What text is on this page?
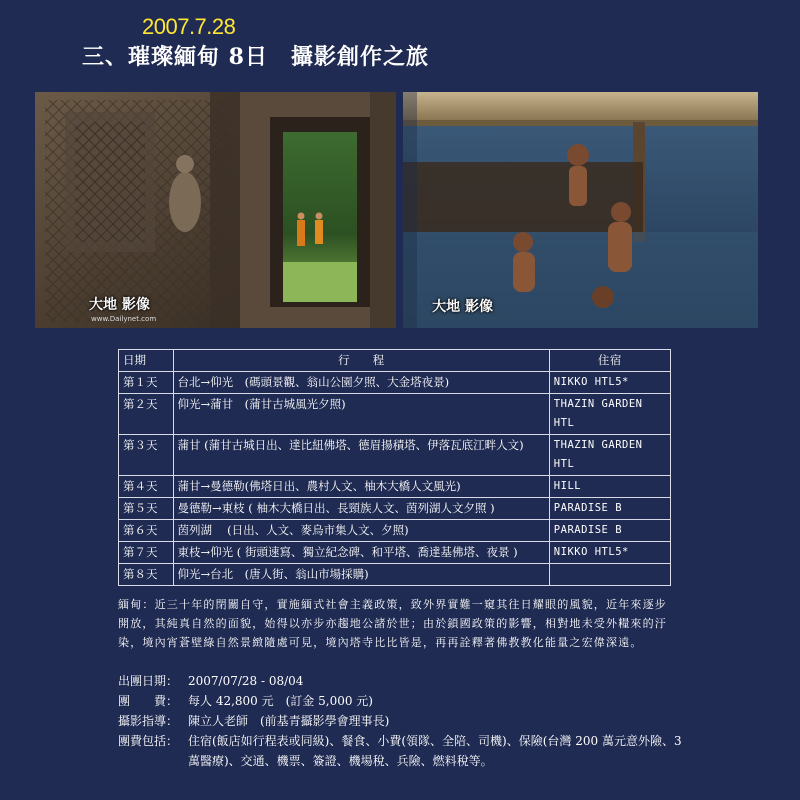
2007.7.28
三、璀璨緬甸 8日　攝影創作之旅
大地 影像
www.Dailynet.com
大地 影像
日期	行　　程	住宿
第１天	台北→仰光　(碼頭景觀、翁山公園夕照、大金塔夜景)	NIKKO HTL5*
第２天	仰光→蒲甘　(蒲甘古城風光夕照)	THAZIN GARDEN HTL
第３天	蒲甘 (蒲甘古城日出、達比紐佛塔、德眉揚積塔、伊落瓦底江畔人文)	THAZIN GARDEN HTL
第４天	蒲甘→曼德勒(佛塔日出、農村人文、柚木大橋人文風光)	HILL
第５天	曼德勒→東枝 ( 柚木大橋日出、長頸族人文、茵列湖人文夕照 )	PARADISE B
第６天	茵列湖　 (日出、人文、麥烏市集人文、夕照)	PARADISE B
第７天	東枝→仰光 ( 街頭速寫、獨立紀念碑、和平塔、喬達基佛塔、夜景 )	NIKKO HTL5*
第８天	仰光→台北　(唐人街、翁山市場採購)	

緬甸：近三十年的閉關自守，實施緬式社會主義政策，致外界實難一窺其往日耀眼的風貌，近年來逐步開放，其純真自然的面貌，始得以亦步亦趨地公諸於世；由於鎖國政策的影響，相對地未受外糧來的汙染，境內宵蒼壁綠自然景緻隨處可見，境內塔寺比比皆是，再再詮釋著佛教教化能量之宏偉深遠。

出團日期： 2007/07/28 - 08/04
團　　費： 每人 42,800 元　(訂金 5,000 元)
攝影指導： 陳立人老師　(前基青攝影學會理事長)
團費包括： 住宿(飯店如行程表或同級)、餐食、小費(領隊、全陪、司機)、保險(台灣 200 萬元意外險、3 萬醫療)、交通、機票、簽證、機場稅、兵險、燃料稅等。
